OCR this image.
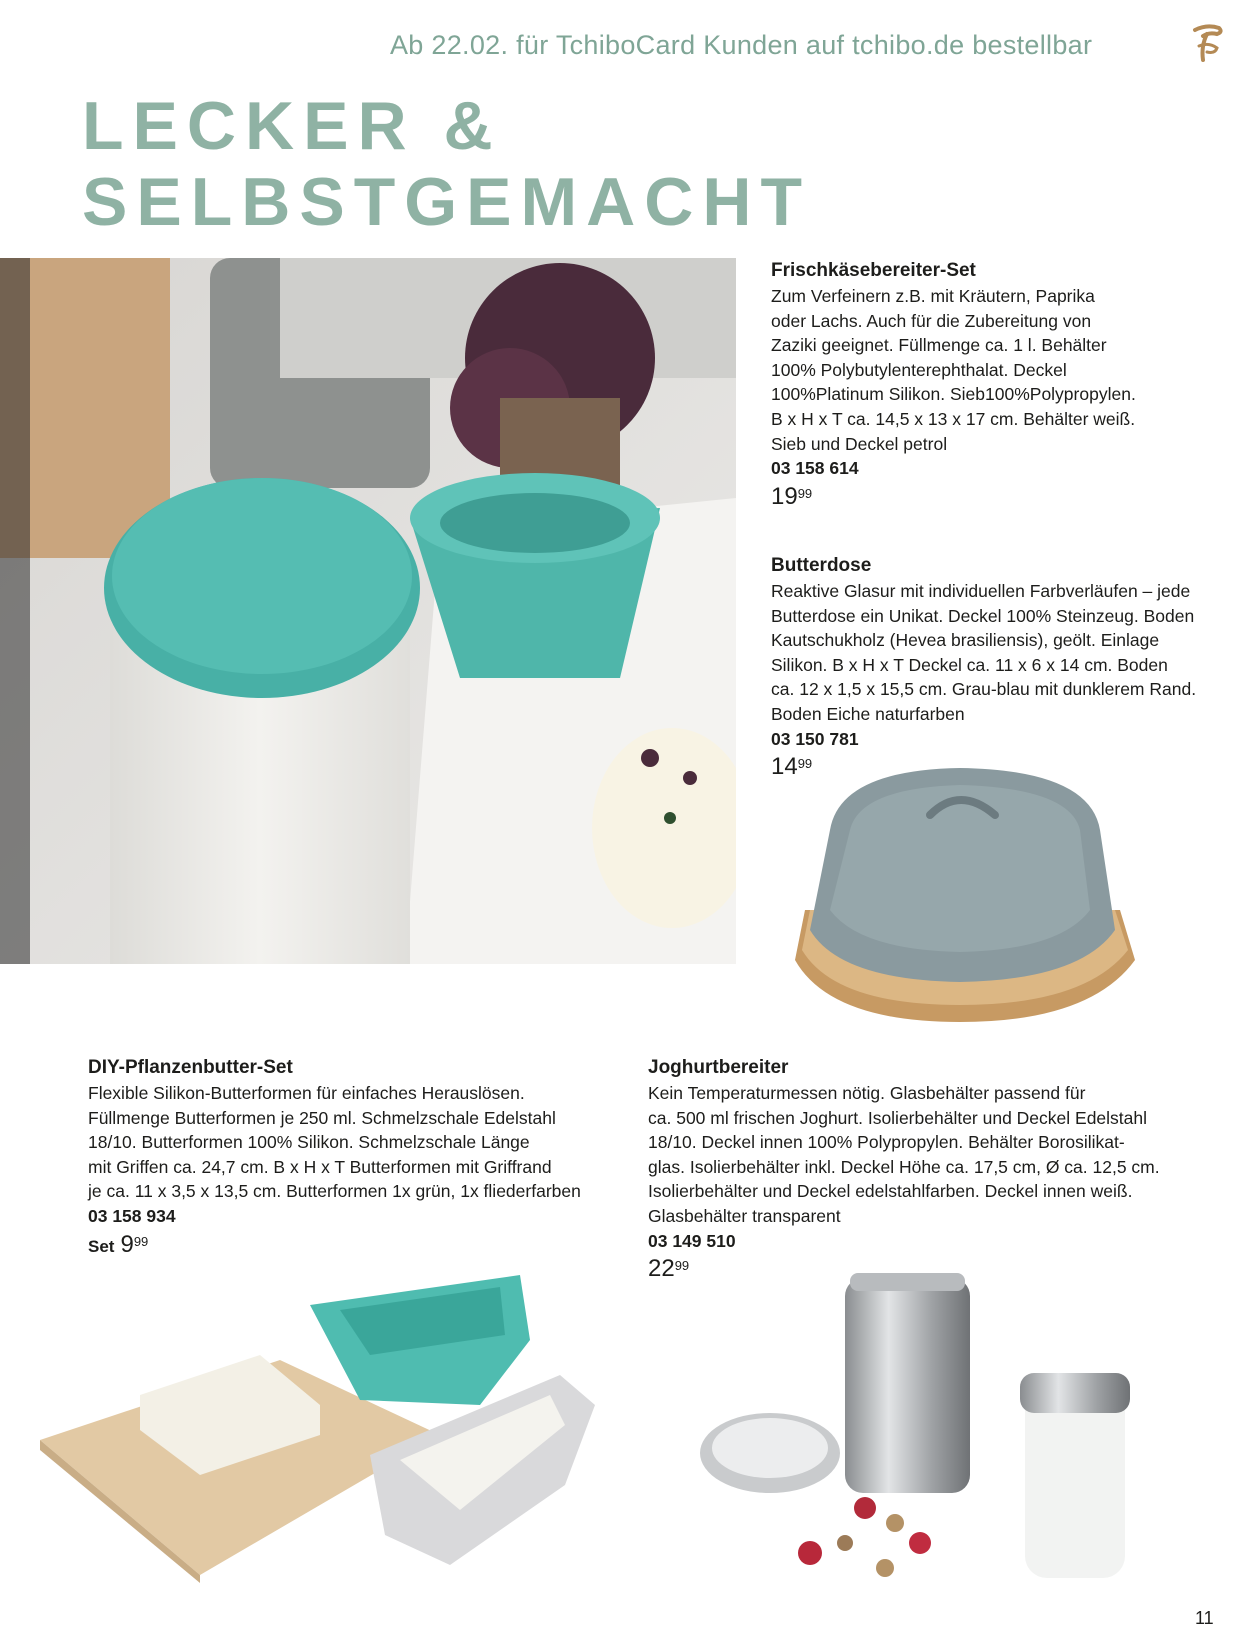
Ab 22.02. für TchiboCard Kunden auf tchibo.de bestellbar
LECKER &
SELBSTGEMACHT
Frischkäsebereiter-Set

Zum Verfeinern z.B. mit Kräutern, Paprika

oder Lachs. Auch für die Zubereitung von

Zaziki geeignet. Füllmenge ca. 1 l. Behälter

100% Polybutylenterephthalat. Deckel

100%Platinum Silikon. Sieb100%Polypropylen.

B x H x T ca. 14,5 x 13 x 17 cm. Behälter weiß.

Sieb und Deckel petrol

03 158 614

$19^{99}$
Butterdose

Reaktive Glasur mit individuellen Farbverläufen – jede

Butterdose ein Unikat. Deckel 100% Steinzeug. Boden

Kautschukholz (Hevea brasiliensis), geölt. Einlage

Silikon. B x H x T Deckel ca. 11 x 6 x 14 cm. Boden

ca. 12 x 1,5 x 15,5 cm. Grau-blau mit dunklerem Rand.

Boden Eiche naturfarben

03 150 781

$14^{99}$
DIY-Pflanzenbutter-Set

Flexible Silikon-Butterformen für einfaches Herauslösen.

Füllmenge Butterformen je 250 ml. Schmelzschale Edelstahl

18/10. Butterformen 100% Silikon. Schmelzschale Länge

mit Griffen ca. 24,7 cm. B x H x T Butterformen mit Griffrand

je ca. 11 x 3,5 x 13,5 cm. Butterformen 1x grün, 1x fliederfarben

03 158 934

Set $9^{99}$
Joghurtbereiter

Kein Temperaturmessen nötig. Glasbehälter passend für

ca. 500 ml frischen Joghurt. Isolierbehälter und Deckel Edelstahl

18/10. Deckel innen 100% Polypropylen. Behälter Borosilikat-

glas. Isolierbehälter inkl. Deckel Höhe ca. 17,5 cm, Ø ca. 12,5 cm.

Isolierbehälter und Deckel edelstahlfarben. Deckel innen weiß.

Glasbehälter transparent

03 149 510

$22^{99}$
11
